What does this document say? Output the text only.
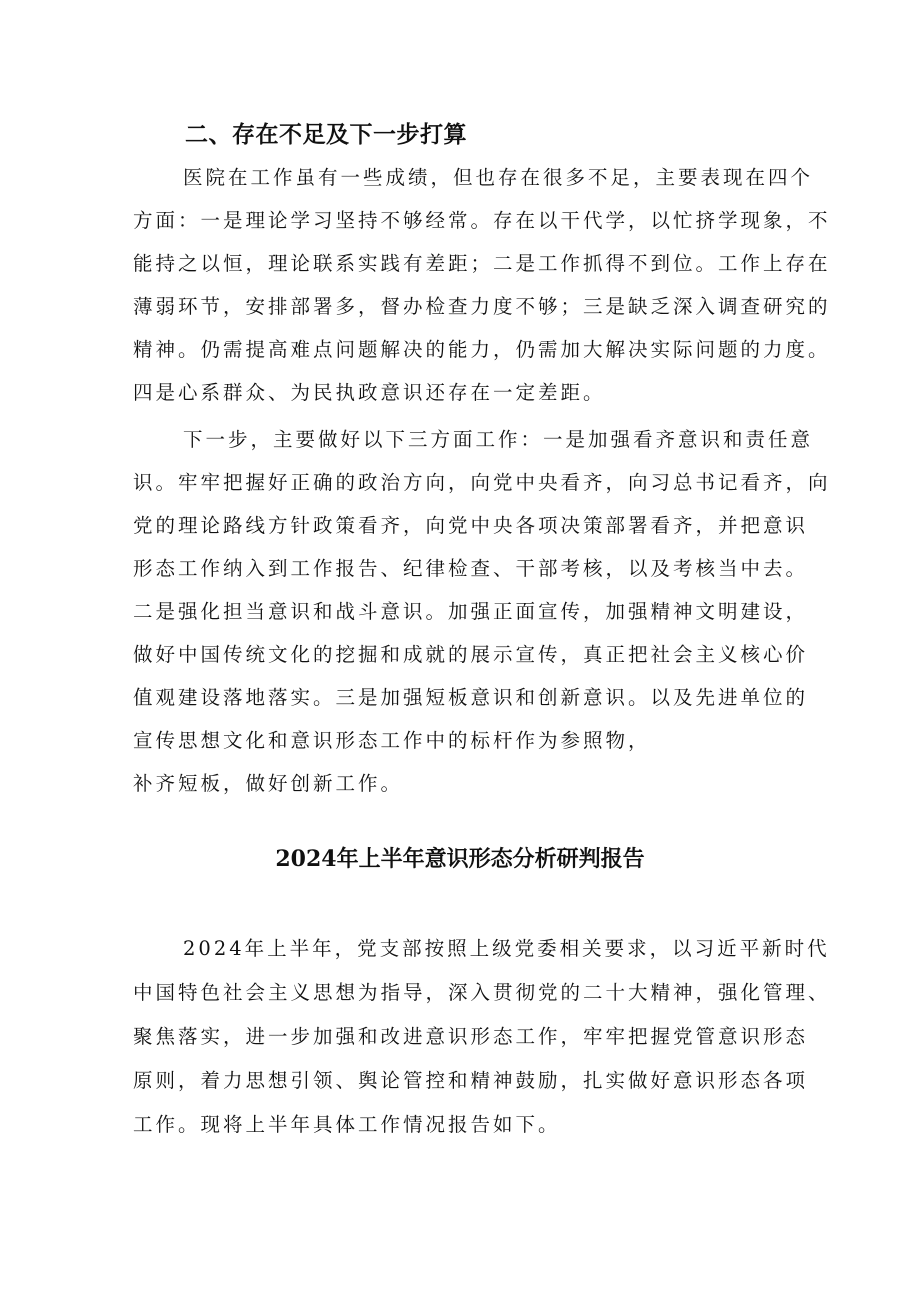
二、存在不足及下一步打算
医院在工作虽有一些成绩，但也存在很多不足，主要表现在四个
方面：一是理论学习坚持不够经常。存在以干代学，以忙挤学现象，不
能持之以恒，理论联系实践有差距；二是工作抓得不到位。工作上存在
薄弱环节，安排部署多，督办检查力度不够；三是缺乏深入调查研究的
精神。仍需提高难点问题解决的能力，仍需加大解决实际问题的力度。
四是心系群众、为民执政意识还存在一定差距。
下一步，主要做好以下三方面工作：一是加强看齐意识和责任意
识。牢牢把握好正确的政治方向，向党中央看齐，向习总书记看齐，向
党的理论路线方针政策看齐，向党中央各项决策部署看齐，并把意识
形态工作纳入到工作报告、纪律检查、干部考核，以及考核当中去。
二是强化担当意识和战斗意识。加强正面宣传，加强精神文明建设，
做好中国传统文化的挖掘和成就的展示宣传，真正把社会主义核心价
值观建设落地落实。三是加强短板意识和创新意识。以及先进单位的
宣传思想文化和意识形态工作中的标杆作为参照物，
补齐短板，做好创新工作。
2024年上半年意识形态分析研判报告
2024年上半年，党支部按照上级党委相关要求，以习近平新时代
中国特色社会主义思想为指导，深入贯彻党的二十大精神，强化管理、
聚焦落实，进一步加强和改进意识形态工作，牢牢把握党管意识形态
原则，着力思想引领、舆论管控和精神鼓励，扎实做好意识形态各项
工作。现将上半年具体工作情况报告如下。
